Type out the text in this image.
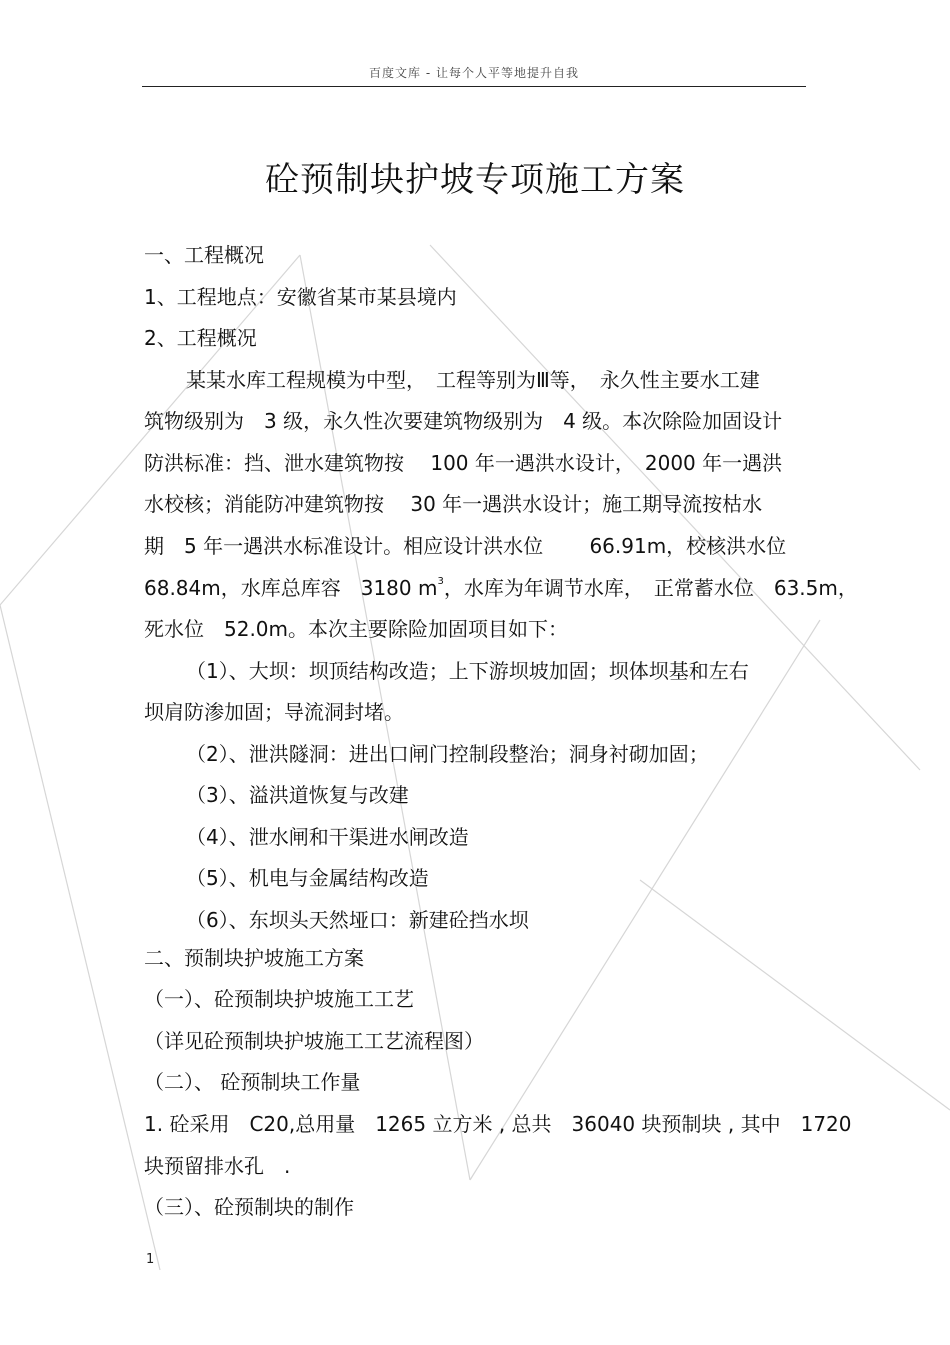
百度文库 - 让每个人平等地提升自我
砼预制块护坡专项施工方案
一、工程概况
1、工程地点：安徽省某市某县境内
2、工程概况
某某水库工程规模为中型，　工程等别为Ⅲ等，　永久性主要水工建
筑物级别为　3 级，永久性次要建筑物级别为　4 级。本次除险加固设计
防洪标准：挡、泄水建筑物按　 100 年一遇洪水设计，　2000 年一遇洪
水校核；消能防冲建筑物按　 30 年一遇洪水设计；施工期导流按枯水
期　5 年一遇洪水标准设计。相应设计洪水位　　 66.91m，校核洪水位
68.84m，水库总库容　3180 $m^3$，水库为年调节水库，　正常蓄水位　63.5m，
死水位　52.0m。本次主要除险加固项目如下：
（1）、大坝：坝顶结构改造；上下游坝坡加固；坝体坝基和左右
坝肩防渗加固；导流洞封堵。
（2）、泄洪隧洞：进出口闸门控制段整治；洞身衬砌加固；
（3）、溢洪道恢复与改建
（4）、泄水闸和干渠进水闸改造
（5）、机电与金属结构改造
（6）、东坝头天然垭口：新建砼挡水坝
二、预制块护坡施工方案
（一）、砼预制块护坡施工工艺
（详见砼预制块护坡施工工艺流程图）
（二）、 砼预制块工作量
1. 砼采用　C20,总用量　1265 立方米 , 总共　36040 块预制块 , 其中　1720
块预留排水孔　.
（三）、砼预制块的制作
1
